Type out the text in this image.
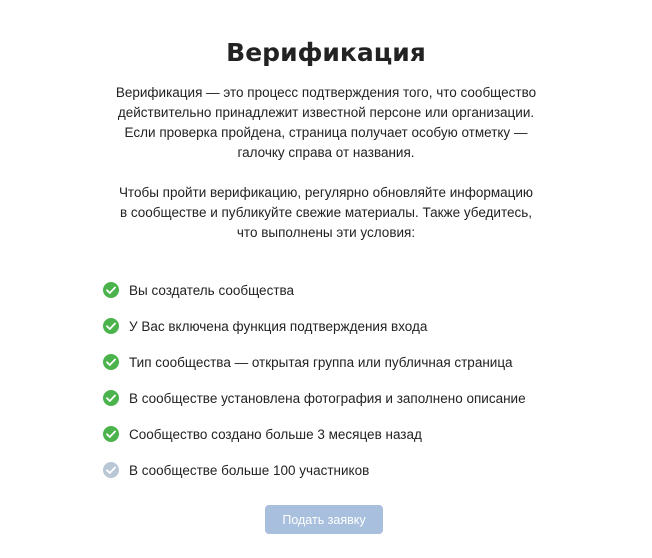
Верификация

Верификация — это процесс подтверждения того, что сообщество
действительно принадлежит известной персоне или организации.
Если проверка пройдена, страница получает особую отметку —
галочку справа от названия.

Чтобы пройти верификацию, регулярно обновляйте информацию
в сообществе и публикуйте свежие материалы. Также убедитесь,
что выполнены эти условия:

Вы создатель сообщества
У Вас включена функция подтверждения входа
Тип сообщества — открытая группа или публичная страница
В сообществе установлена фотография и заполнено описание
Сообщество создано больше 3 месяцев назад
В сообществе больше 100 участников
Подать заявку
